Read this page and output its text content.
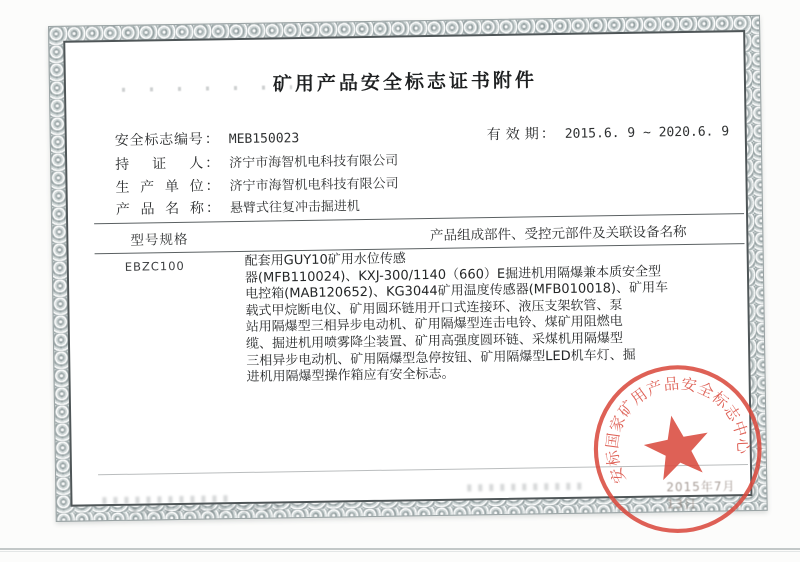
矿用产品安全标志证书附件
安全标志编号 ： MEB150023	有效期 ： 2015.6. 9 ~ 2020.6. 9
持证人 ： 济宁市海智机电科技有限公司
生产单位 ： 济宁市海智机电科技有限公司
产品名称 ： 悬臂式往复冲击掘进机
型号规格	产品组成部件、受控元部件及关联设备名称
EBZC100	配套用GUY10矿用水位传感
器(MFB110024)、KXJ-300/1140（660）E掘进机用隔爆兼本质安全型
电控箱(MAB120652)、KG3044矿用温度传感器(MFB010018)、矿用车
载式甲烷断电仪、矿用圆环链用开口式连接环、液压支架软管、泵
站用隔爆型三相异步电动机、矿用隔爆型连击电铃、煤矿用阻燃电
缆、掘进机用喷雾降尘装置、矿用高强度圆环链、采煤机用隔爆型
三相异步电动机、矿用隔爆型急停按钮、矿用隔爆型LED机车灯、掘
进机用隔爆型操作箱应有安全标志。
2015年7月13日
安标国家矿用产品安全标志中心
